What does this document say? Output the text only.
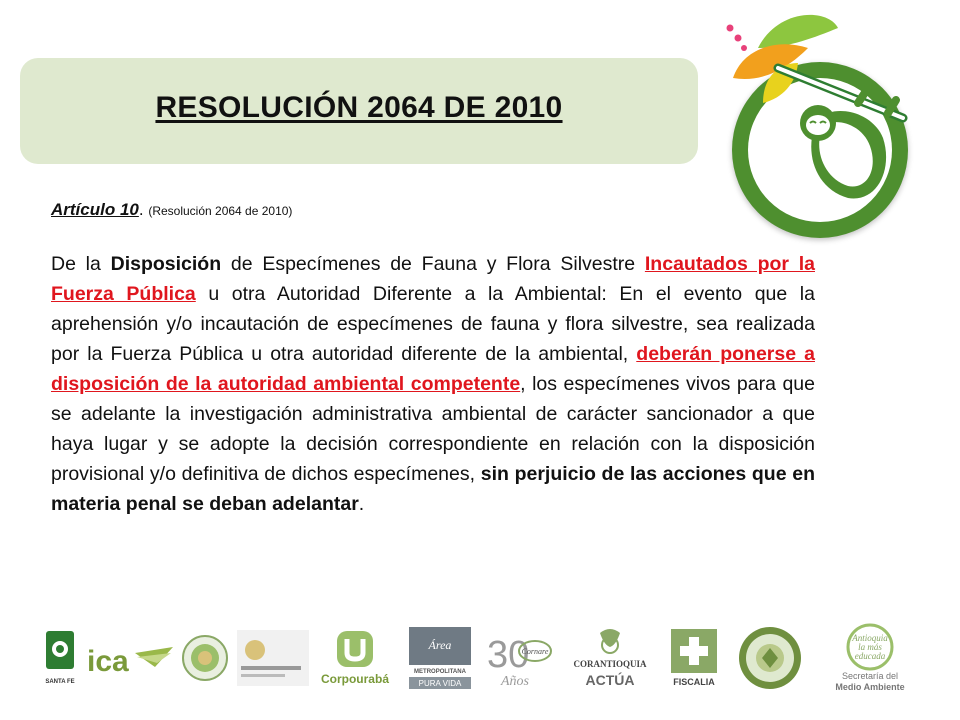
RESOLUCIÓN 2064 DE 2010
Artículo 10. (Resolución 2064 de 2010)
De la Disposición de Especímenes de Fauna y Flora Silvestre Incautados por la Fuerza Pública u otra Autoridad Diferente a la Ambiental: En el evento que la aprehensión y/o incautación de especímenes de fauna y flora silvestre, sea realizada por la Fuerza Pública u otra autoridad diferente de la ambiental, deberán ponerse a disposición de la autoridad ambiental competente, los especímenes vivos para que se adelante la investigación administrativa ambiental de carácter sancionador a que haya lugar y se adopte la decisión correspondiente en relación con la disposición provisional y/o definitiva de dichos especímenes, sin perjuicio de las acciones que en materia penal se deban adelantar.
SANTA FE
ica
Corpourabá
Área
METROPOLITANA
PURA VIDA
30
Cornare
Años
CORANTIOQUIA
ACTÚA	FISCALIA
Antioquia
la más
educada
Secretaría del
Medio Ambiente
